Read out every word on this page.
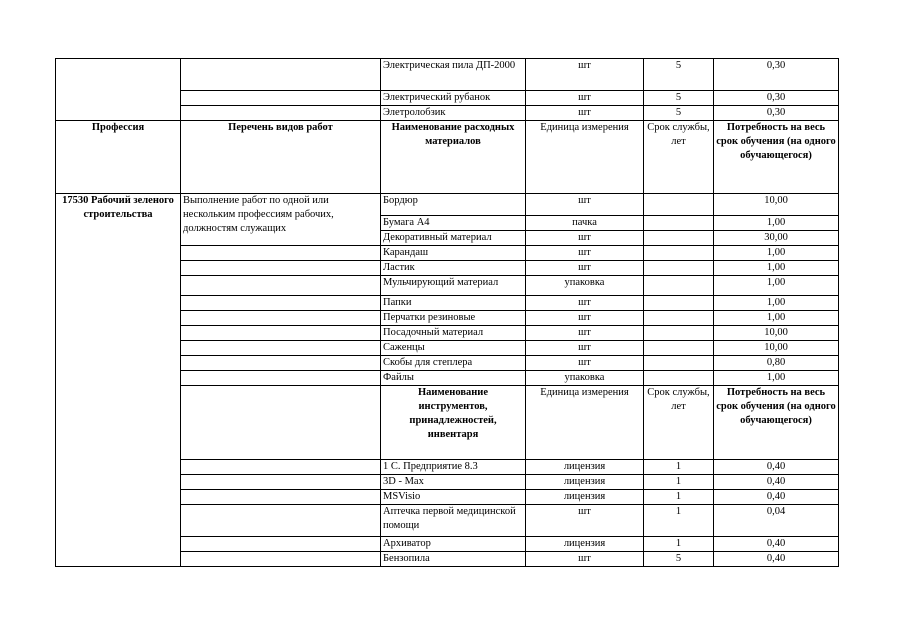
		Электрическая пила ДП-2000	шт	5	0,30
		Электрический рубанок	шт	5	0,30
		Элетролобзик	шт	5	0,30
Профессия	Перечень видов работ	Наименование расходных материалов	Единица измерения	Срок службы, лет	Потребность на весь срок обучения (на одного обучающегося)
17530 Рабочий зеленого строительства	Выполнение работ по одной или нескольким профессиям рабочих, должностям служащих	Бордюр	шт		10,00
		Бумага А4	пачка		1,00
		Декоративный материал	шт		30,00
		Карандаш	шт		1,00
		Ластик	шт		1,00
		Мульчирующий материал	упаковка		1,00
		Папки	шт		1,00
		Перчатки резиновые	шт		1,00
		Посадочный материал	шт		10,00
		Саженцы	шт		10,00
		Скобы для степлера	шт		0,80
		Файлы	упаковка		1,00
		Наименование инструментов, принадлежностей, инвентаря	Единица измерения	Срок службы, лет	Потребность на весь срок обучения (на одного обучающегося)
		1 С. Предприятие 8.3	лицензия	1	0,40
		3D - Max	лицензия	1	0,40
		MSVisio	лицензия	1	0,40
		Аптечка первой медицинской помощи	шт	1	0,04
		Архиватор	лицензия	1	0,40
		Бензопила	шт	5	0,40
